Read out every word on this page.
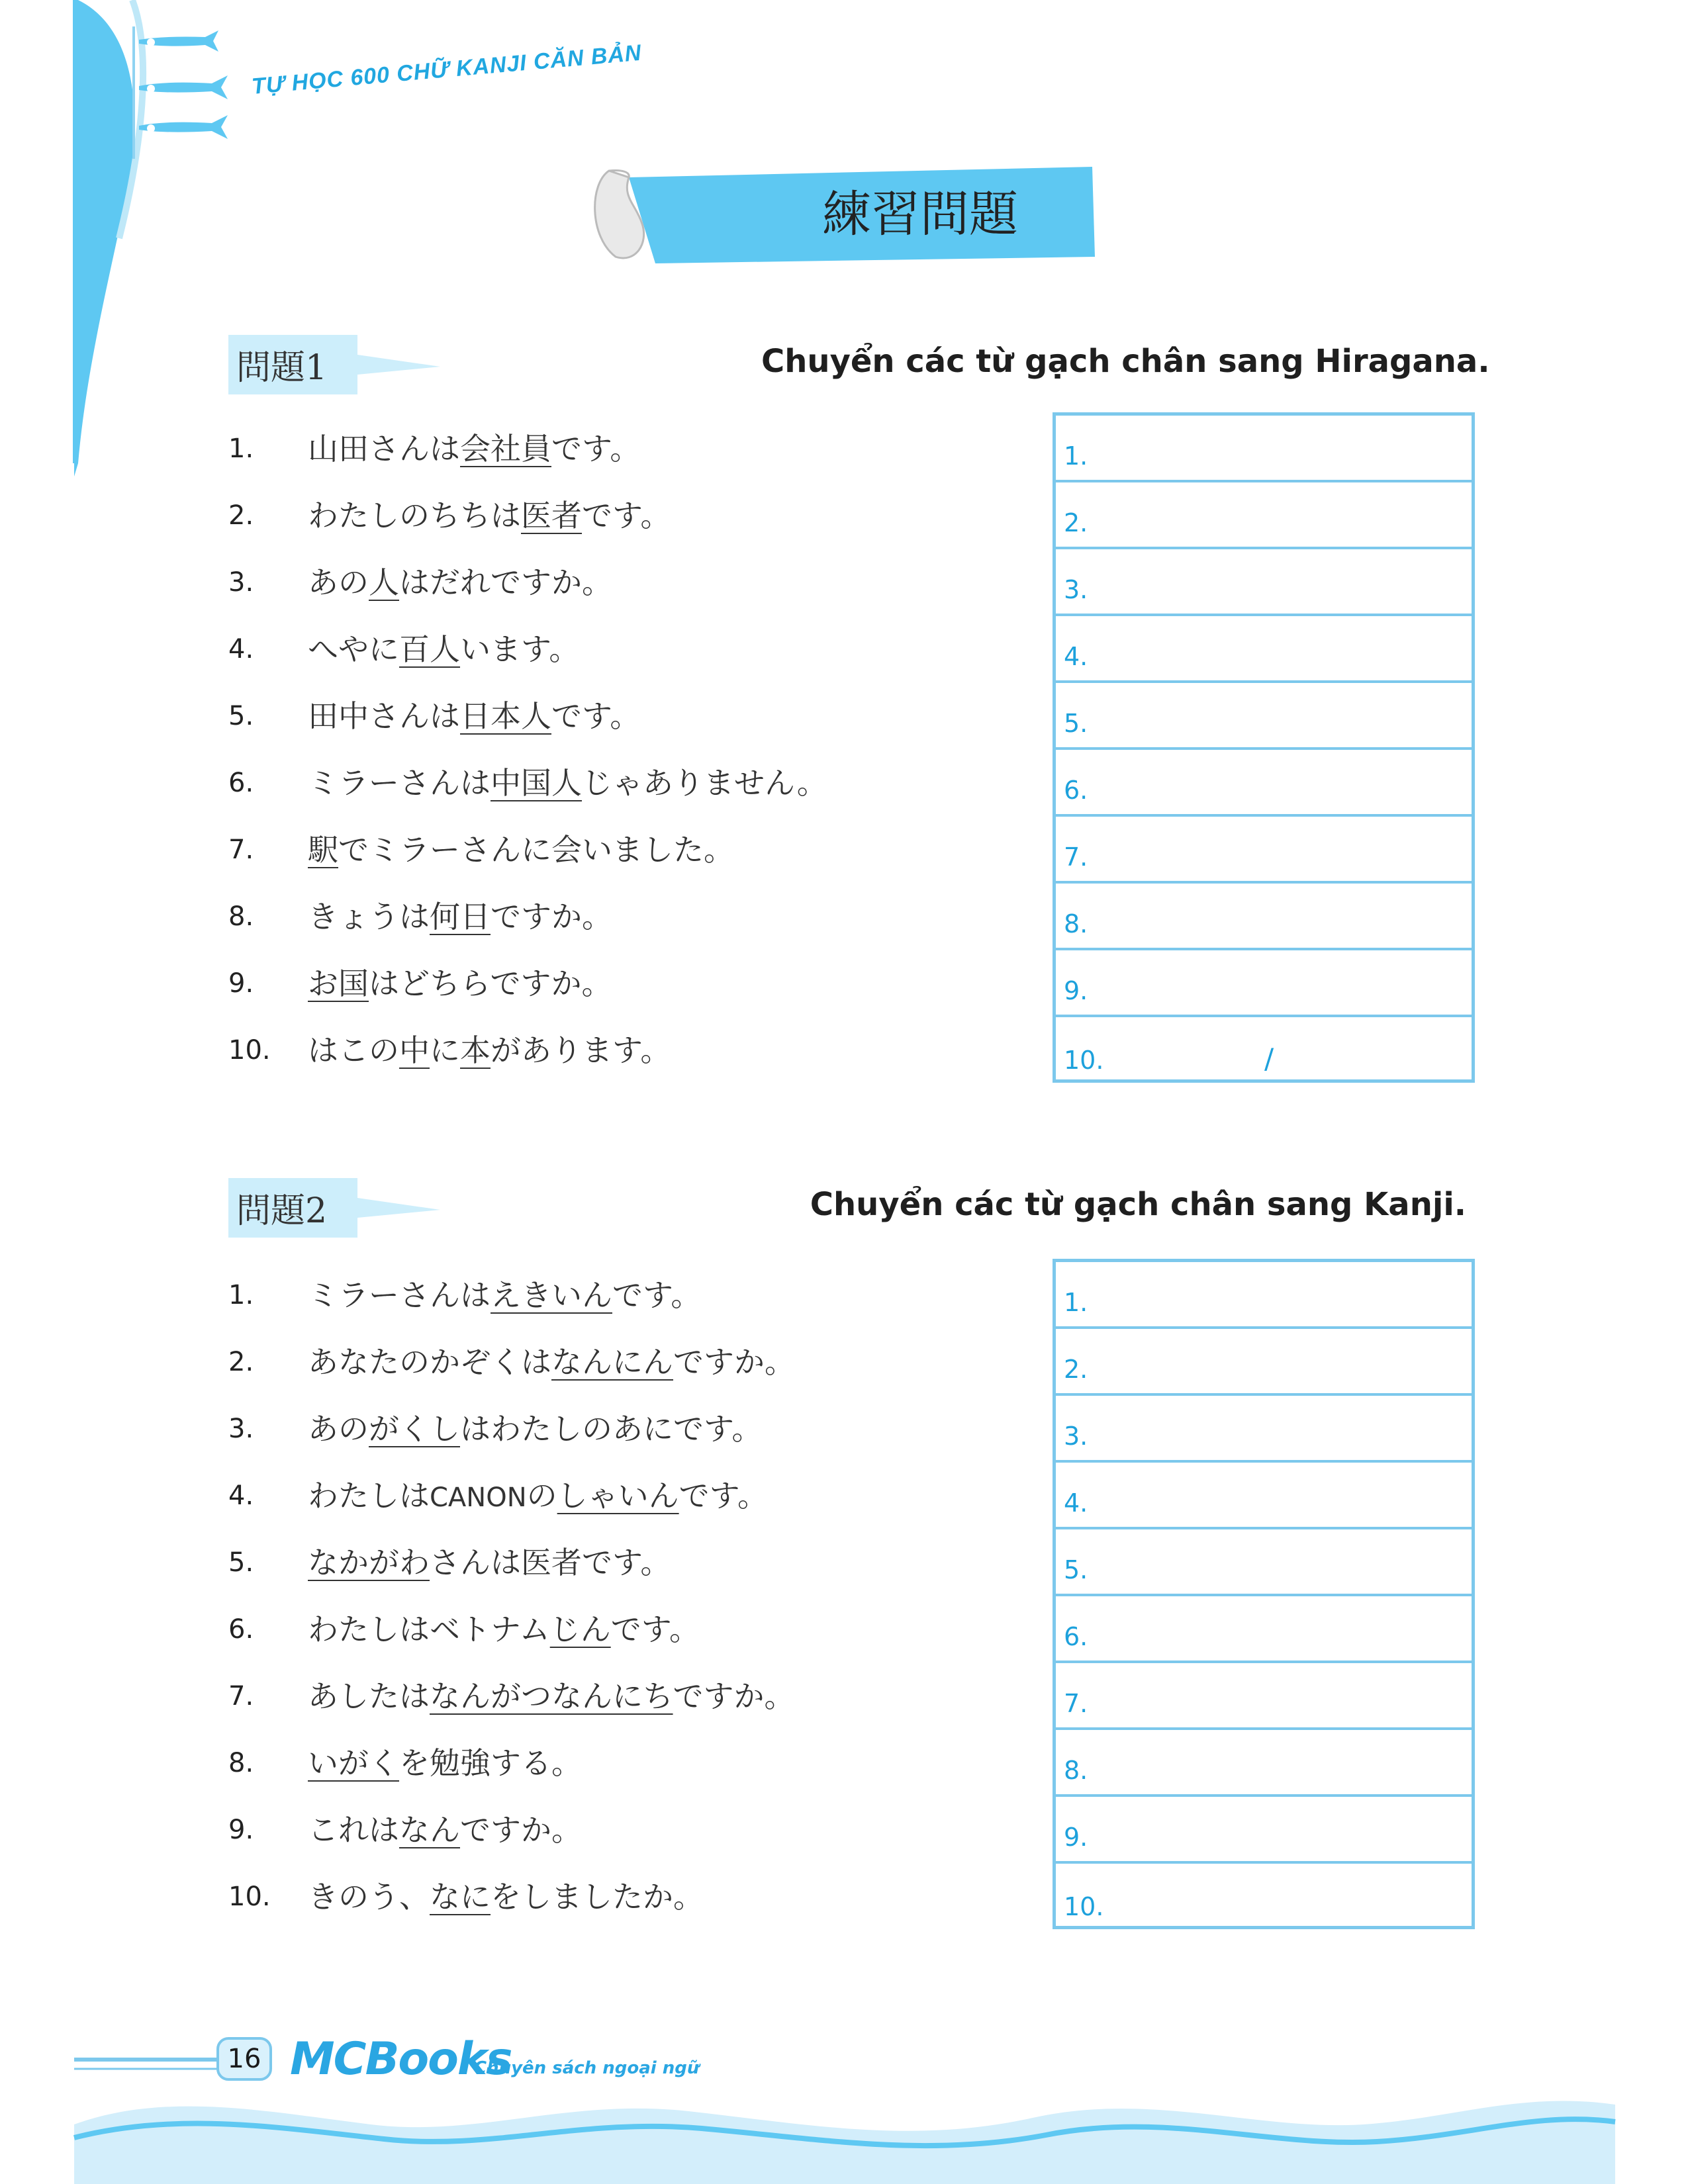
TỰ HỌC 600 CHỮ KANJI CĂN BẢN
練習問題
問題1	Chuyển các từ gạch chân sang Hiragana.
1.	山田さんは会社員です。
2.	わたしのちちは医者です。
3.	あの人はだれですか。
4.	へやに百人います。
5.	田中さんは日本人です。
6.	ミラーさんは中国人じゃありません。
7.	駅でミラーさんに会いました。
8.	きょうは何日ですか。
9.	お国はどちらですか。
10.	はこの中に本があります。
1.
2.
3.
4.
5.
6.
7.
8.
9.
10.	/
問題2	Chuyển các từ gạch chân sang Kanji.
1.	ミラーさんはえきいんです。
2.	あなたのかぞくはなんにんですか。
3.	あのがくしはわたしのあにです。
4.	わたしはCANONのしゃいんです。
5.	なかがわさんは医者です。
6.	わたしはベトナムじんです。
7.	あしたはなんがつなんにちですか。
8.	いがくを勉強する。
9.	これはなんですか。
10.	きのう、なにをしましたか。
1.
2.
3.
4.
5.
6.
7.
8.
9.
10.
16 MCBooks
Chuyên sách ngoại ngữ
